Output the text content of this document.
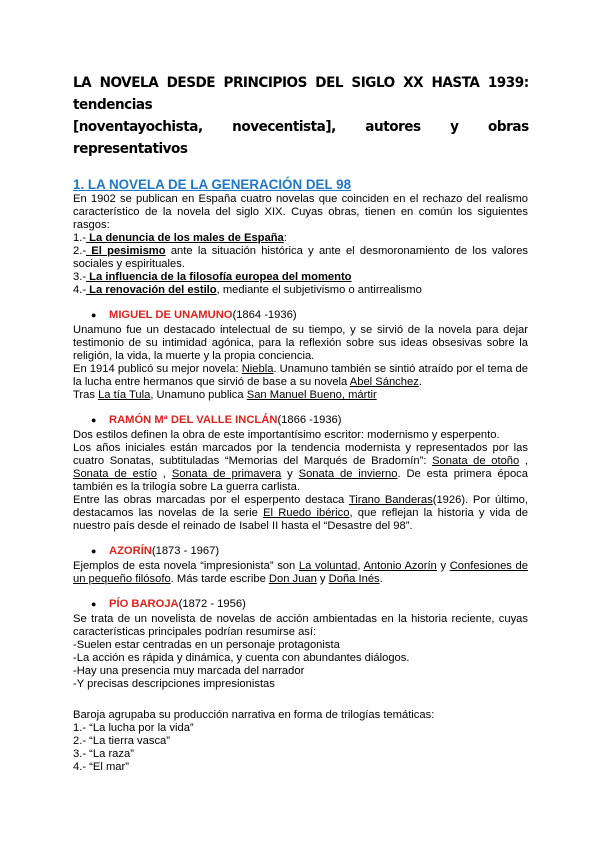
LA NOVELA DESDE PRINCIPIOS DEL SIGLO XX HASTA 1939: tendencias
[noventayochista, novecentista], autores y obras representativos
1. LA NOVELA DE LA GENERACIÓN DEL 98

En 1902 se publican en España cuatro novelas que coinciden en el rechazo del realismo característico de la novela del siglo XIX. Cuyas obras, tienen en común los siguientes rasgos:

1.- La denuncia de los males de España:

2.- El pesimismo ante la situación histórica y ante el desmoronamiento de los valores sociales y espirituales.

3.- La influencia de la filosofía europea del momento

4.- La renovación del estilo, mediante el subjetivismo o antirrealismo

●	MIGUEL DE UNAMUNO (1864 -1936)

Unamuno fue un destacado intelectual de su tiempo, y se sirvió de la novela para dejar testimonio de su intimidad agónica, para la reflexión sobre sus ideas obsesivas sobre la religión, la vida, la muerte y la propia conciencia.

En 1914 publicó su mejor novela: Niebla. Unamuno también se sintió atraído por el tema de la lucha entre hermanos que sirvió de base a su novela Abel Sánchez.

Tras La tía Tula, Unamuno publica San Manuel Bueno, mártir

●	RAMÓN Mª DEL VALLE INCLÁN (1866 -1936)

Dos estilos definen la obra de este importantísimo escritor: modernismo y esperpento.

Los años iniciales están marcados por la tendencia modernista y representados por las cuatro Sonatas, subtituladas “Memorias del Marqués de Bradomín”: Sonata de otoño , Sonata de estío , Sonata de primavera y Sonata de invierno. De esta primera época también es la trilogía sobre La guerra carlista.

Entre las obras marcadas por el esperpento destaca Tirano Banderas(1926). Por último, destacamos las novelas de la serie El Ruedo ibérico, que reflejan la historia y vida de nuestro país desde el reinado de Isabel II hasta el “Desastre del 98”.

●	AZORÍN (1873 - 1967)

Ejemplos de esta novela “impresionista” son La voluntad, Antonio Azorín y Confesiones de un pequeño filósofo. Más tarde escribe Don Juan y Doña Inés.

●	PÍO BAROJA (1872 - 1956)

Se trata de un novelista de novelas de acción ambientadas en la historia reciente, cuyas características principales podrían resumirse así:

-Suelen estar centradas en un personaje protagonista

-La acción es rápida y dinámica, y cuenta con abundantes diálogos.

-Hay una presencia muy marcada del narrador

-Y precisas descripciones impresionistas

Baroja agrupaba su producción narrativa en forma de trilogías temáticas:

1.- “La lucha por la vida”

2.- “La tierra vasca”

3.- “La raza”

4.- “El mar”
